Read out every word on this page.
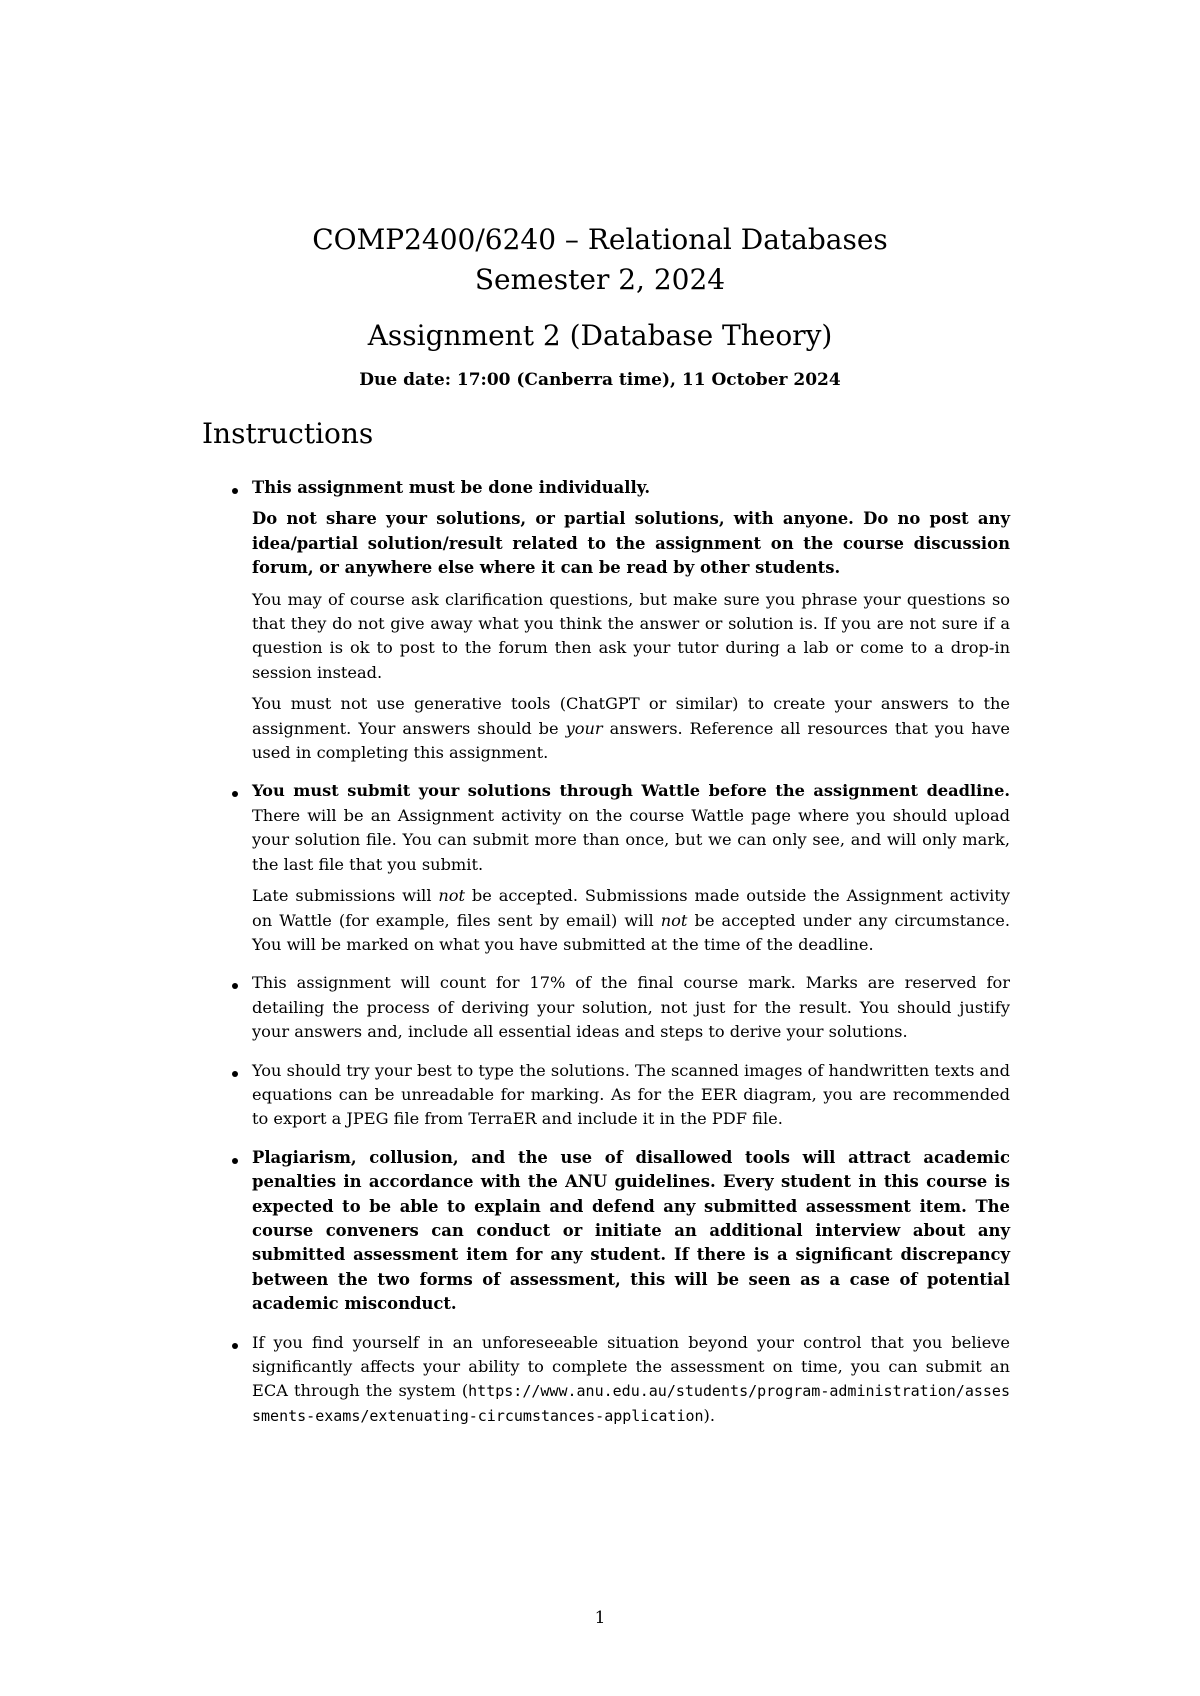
COMP2400/6240 – Relational Databases
Semester 2, 2024
Assignment 2 (Database Theory)
Due date: 17:00 (Canberra time), 11 October 2024
Instructions

This assignment must be done individually.

Do not share your solutions, or partial solutions, with anyone. Do no post any idea/partial solution/result related to the assignment on the course discussion forum, or anywhere else where it can be read by other students.

You may of course ask clarification questions, but make sure you phrase your questions so that they do not give away what you think the answer or solution is. If you are not sure if a question is ok to post to the forum then ask your tutor during a lab or come to a drop-in session instead.

You must not use generative tools (ChatGPT or similar) to create your answers to the assignment. Your answers should be your answers. Reference all resources that you have used in completing this assignment.

You must submit your solutions through Wattle before the assignment deadline. There will be an Assignment activity on the course Wattle page where you should upload your solution file. You can submit more than once, but we can only see, and will only mark, the last file that you submit.

Late submissions will not be accepted. Submissions made outside the Assignment activity on Wattle (for example, files sent by email) will not be accepted under any circumstance. You will be marked on what you have submitted at the time of the deadline.

This assignment will count for 17% of the final course mark. Marks are reserved for detailing the process of deriving your solution, not just for the result. You should justify your answers and, include all essential ideas and steps to derive your solutions.

You should try your best to type the solutions. The scanned images of handwritten texts and equations can be unreadable for marking. As for the EER diagram, you are recommended to export a JPEG file from TerraER and include it in the PDF file.

Plagiarism, collusion, and the use of disallowed tools will attract academic penalties in accordance with the ANU guidelines. Every student in this course is expected to be able to explain and defend any submitted assessment item. The course conveners can conduct or initiate an additional interview about any submitted assessment item for any student. If there is a significant discrepancy between the two forms of assessment, this will be seen as a case of potential academic misconduct.

If you find yourself in an unforeseeable situation beyond your control that you believe significantly affects your ability to complete the assessment on time, you can submit an ECA through the system (https://www.anu.edu.au/students/program-administration/assessments-exams/extenuating-circumstances-application).

1
